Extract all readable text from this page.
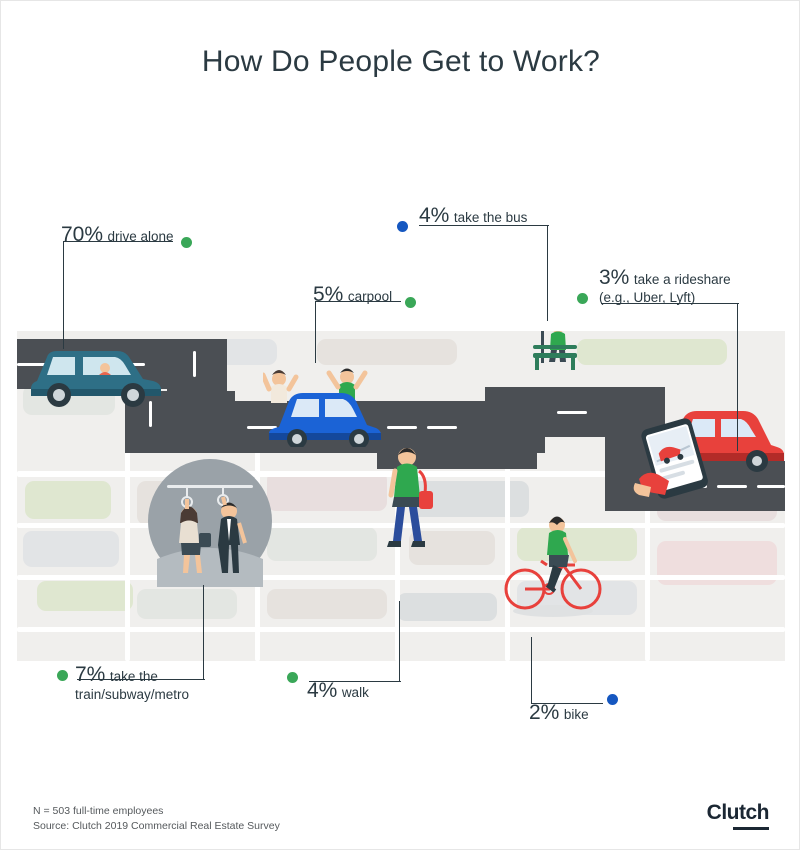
How Do People Get to Work?
BUS
STOP
70% drive alone
5% carpool
4% take the bus
3% take a rideshare
(e.g., Uber, Lyft)
7% take the
train/subway/metro	4% walk
2% bike
N = 503 full-time employees
Source: Clutch 2019 Commercial Real Estate Survey
Clutch
